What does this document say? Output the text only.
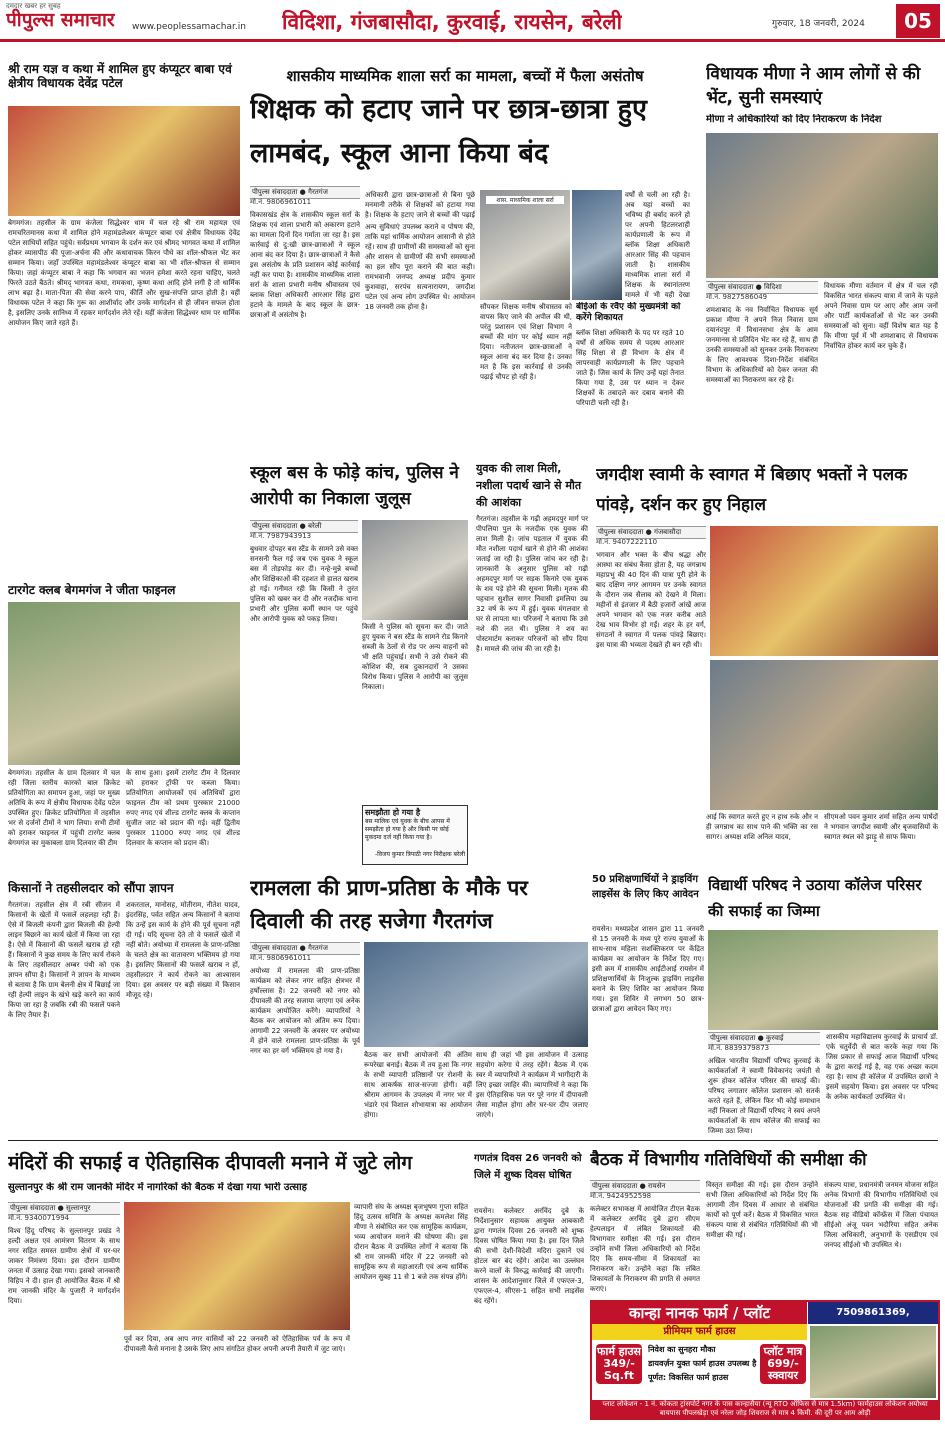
दमदार खबर हर सुबह
पीपुल्स समाचार www.peoplessamachar.in विदिशा, गंजबासौदा, कुरवाई, रायसेन, बरेली	गुरुवार, 18 जनवरी, 2024	05
श्री राम यज्ञ व कथा में शामिल हुए कंप्यूटर बाबा एवं क्षेत्रीय विधायक देवेंद्र पटेल
बेगमगंज। तहसील के ग्राम कंजेला सिद्धेश्वर धाम में चल रहे श्री राम महायज्ञ एवं रामचरितमानस कथा में शामिल होने महामंडलेश्वर कंप्यूटर बाबा एवं क्षेत्रीय विधायक देवेंद्र पटेल साथियों सहित पहुंचे। सर्वप्रथम भगवान के दर्शन कर एवं श्रीमद भागवत कथा में शामिल होकर व्यासपीठ की पूजा-अर्चना की और कथावाचक किरन पौथे का शॉल-श्रीफल भेंट कर सम्मान किया। जहाँ उपस्थित महामंडलेश्वर कंप्यूटर बाबा का भी शॉल-श्रीफल से सम्मान किया। जहां कंप्यूटर बाबा ने कहा कि भगवान का भजन हमेशा करते रहना चाहिए, चलते फिरते उठते बैठते। श्रीमद् भागवत कथा, रामकथा, कृष्ण कथा आदि होने लगी है तो धार्मिक लाभ बढ़ा है। माता-पिता की सेवा करने पाप, कीर्ति और सुख-संपत्ति प्राप्त होती है। वहीं विधायक पटेल ने कहा कि गुरू का आशीर्वाद और उनके मार्गदर्शन से ही जीवन सफल होता है, इसलिए उनके सानिध्य में रहकर मार्गदर्शन लेते रहें। यहीं कंजेला सिद्धेश्वर धाम पर धार्मिक आयोजन किए जाते रहते हैं।
टारगेट क्लब बेगमगंज ने जीता फाइनल
बेगमगंज। तहसील के ग्राम दिलवार में चल रही जिला स्तरीय कारको बाल क्रिकेट प्रतियोगिता का समापन हुआ, जहां पर मुख्य अतिथि के रूप में क्षेत्रीय विधायक देवेंद्र पटेल उपस्थित हुए। क्रिकेट प्रतियोगिता में तहसील भर से दर्जनों टीमों ने भाग लिया। सभी टीमों को हराकर फाइनल में पहुंची टारगेट क्लब बेगमगंज का मुकाबला ग्राम दिलवार की टीम
के साथ हुआ। इसमें टारगेट टीम ने दिलवार को हराकर ट्रॉफी पर कब्जा किया। प्रतियोगिता आयोजकों एवं अतिथियों द्वारा फाइनल टीम को प्रथम पुरस्कार 21000 रुपए नगद एवं शील्ड टारगेट क्लब के कप्तान सुजीत जाट को प्रदान की गई। वहीं द्वितीय पुरस्कार 11000 रुपए नगद एवं शील्ड दिलवार के कप्तान को प्रदान की।
किसानों ने तहसीलदार को सौंपा ज्ञापन
गैरतगंज। तहसील क्षेत्र में रबी सीजन में किसानों के खेतों में फसलें लहलहा रही हैं। ऐसे में बिजली कंपनी द्वारा बिजली की हेल्पी लाइन बिछाने का कार्य खेतों में किया जा रहा है। ऐसे में किसानों की फसलें खराब हो रही हैं। किसानों ने कुछ समय के लिए कार्य रोकने के लिए तहसीलदार अम्बर पंथी को एक ज्ञापन सौंपा है। किसानों ने ज्ञापन के माध्यम से बताया है कि ग्राम बेलनी क्षेत्र में बिछाई जा रही हेल्पी लाइन के खंभे खड़े करने का कार्य किया जा रहा है जबकि रबी की फसलें पकने के लिए तैयार हैं।
शकरताल, मानोसह, मोतीराम, नीतेश यादव, इंदरसिंह, पर्वत सहित अन्य किसानों ने बताया कि उन्हें इस कार्य के होने की पूर्व सूचना नहीं दी गई। यदि सूचना देते तो वे फसलें खेतों में नहीं बोते। अयोध्या में रामलला के प्राण-प्रतिष्ठा के चलते क्षेत्र का वातावरण भक्तिमय हो गया है। इसलिए किसानों की फसलें खराब न हों, तहसीलदार ने कार्य रोकने का आश्वासन दिया। इस अवसर पर बड़ी संख्या में किसान मौजूद रहे।
शासकीय माध्यमिक शाला सर्रा का मामला, बच्चों में फैला असंतोष
शिक्षक को हटाए जाने पर छात्र-छात्रा हुए लामबंद, स्कूल आना किया बंद
पीपुल्स संवाददाता ● गैरतगंज
मो.नं. 9806961011
विकासखंड क्षेत्र के शासकीय स्कूल सर्रा के शिक्षक एवं शाला प्रभारी को अकारण हटाने का मामला दिनों दिन गर्माता जा रहा है। इस कार्रवाई से दु:खी छात्र-छात्राओं ने स्कूल आना बंद कर दिया है। छात्र-छात्राओं ने कैसे इस असंतोष के प्रति प्रशासन कोई कार्रवाई नहीं कर पाया है। शासकीय माध्यमिक शाला सर्रा के शाला प्रभारी मनीष श्रीवास्तव एवं ब्लाक शिक्षा अधिकारी आरआर सिंह द्वारा हटाने के मामले के बाद स्कूल के छात्र-छात्राओं में असंतोष है।
अधिकारी द्वारा छात्र-छात्राओं से बिना पूछे मनमानी तरीके से शिक्षकों को हटाया गया है। शिक्षक के हटाए जाने से बच्चों की पढ़ाई
अन्य सुविधाएं उपलब्ध कराने व पोषण की, ताकि यहां धार्मिक आयोजन आसानी से होते रहें। साथ ही ग्रामीणों की समस्याओं को सुना और शासन से ग्रामीणों की सभी समस्याओं का हल सौंप पूरा कराने की बात कही। रामभवानी जनपद अध्यक्ष प्रदीप कुमार कुशवाहा, सरपंच सत्यनारायण, जगदीश पटेल एवं अन्य लोग उपस्थित थे। आयोजन 18 जनवरी तक होना है।
शास. माध्यमिक शाला सर्रा
सौंपकर शिक्षक मनीष श्रीवास्तव को वापस किए जाने की अपील की थी, परंतु प्रशासन एवं शिक्षा विभाग ने बच्चों की मांग पर कोई ध्यान नहीं दिया। नतीजतन छात्र-छात्राओं ने स्कूल आना बंद कर दिया है। उनका मत है कि इस कार्रवाई से उनकी पढ़ाई चौपट हो रही है।
बीईओ के रवैए की मुख्यमंत्री को करेंगे शिकायत
ब्लॉक शिक्षा अधिकारी के पद पर रहते 10 वर्षों से अधिक समय से पदस्थ आरआर सिंह शिक्षा से ही विभाग के क्षेत्र में लापरवाही कार्यप्रणाली के लिए पहचाने जाते हैं। जिस कार्य के लिए उन्हें यहां तैनात किया गया है, उस पर ध्यान न देकर शिक्षकों के तबादले कर दबाव बनाने की परिपाटी चली रही है।
वर्षों से चली आ रही है। अब यहां बच्चों का भविष्य ही बर्बाद करने हो पर अपनी हिटलरशाही कार्यप्रणाली के रूप में ब्लॉक शिक्षा अधिकारी आरआर सिंह की पहचान जाती है। शासकीय माध्यमिक शाला सर्रा में शिक्षक के स्थानांतरण मामले में भी यही देखा
विधायक मीणा ने आम लोगों से की भेंट, सुनी समस्याएं
मीणा ने अधिकारियों को दिए निराकरण के निर्देश
पीपुल्स संवाददाता ● विदिशा
मो.नं. 9827586049
शमशाबाद के नव निर्वाचित विधायक सूर्य प्रकाश मीणा ने अपने निज निवास ग्राम दयानंदपुर में विधानसभा क्षेत्र के आम जनमानस से प्रतिदिन भेंट कर रहे हैं, साथ ही उनकी समस्याओं को सुनकर उनके निराकरण के लिए आवश्यक दिशा-निर्देश संबंधित विभाग के अधिकारियों को देकर जनता की समस्याओं का निराकरण कर रहे हैं।
विधायक मीणा वर्तमान में क्षेत्र में चल रही विकसित भारत संकल्प यात्रा में जाने के पहले अपने निवास ग्राम पर आए और आम जनों और पार्टी कार्यकर्ताओं से भेंट कर उनकी समस्याओं को सुना। वहीं विशेष बात यह है कि मीणा पूर्व में भी शमशाबाद से विधायक निर्वाचित होकर कार्य कर चुके हैं।
स्कूल बस के फोड़े कांच, पुलिस ने आरोपी का निकाला जुलूस
पीपुल्स संवाददाता ● बरेली
मो.नं. 7987943913
बुधवार दोपहर बस स्टैंड के सामने उसे वक्त सनसनी फैल गई जब एक युवक ने स्कूल बस में तोड़फोड़ कर दी। नन्हे-मुन्ने बच्चों और शिक्षिकाओं की दहशत से हालत खराब हो गई। गनीमत रही कि किसी ने तुरंत पुलिस को खबर कर दी और नजदीक थाना प्रभारी और पुलिस कर्मी स्थान पर पहुंचे और आरोपी युवक को पकड़ लिया।
किसी ने पुलिस को सूचना कर दी। जाते हुए युवक ने बस स्टैंड के सामने रोड किनारे सब्जी के ठेलों से रोड पर अन्य वाहनों को भी क्षति पहुंचाई। सभी ने उसे रोकने की कोशिश की, सब दुकानदारों ने उसका विरोध किया। पुलिस ने आरोपी का जुलूस निकाला।
समझौता हो गया है
बस मालिक एवं युवक के बीच आपस में समझौता हो गया है और किसी पर कोई मुकदमा दर्ज नहीं किया गया है।
-विजय कुमार त्रिपाठी नगर निरीक्षक बरेली
युवक की लाश मिली, नशीला पदार्थ खाने से मौत की आशंका
गैरतगंज। तहसील के गढ़ी अहमदपुर मार्ग पर पीपलिया पुल के नजदीक एक युवक की लाश मिली है। जांच पड़ताल में युवक की मौत नशीला पदार्थ खाने से होने की आशंका जताई जा रही है। पुलिस जांच कर रही है। जानकारी के अनुसार पुलिस को गढ़ी अहमदपुर मार्ग पर सड़क किनारे एक युवक के शव पड़े होने की सूचना मिली। मृतक की पहचान सुशील सागर निवासी इमलिया उम्र 32 वर्ष के रूप में हुई। युवक मंगलवार से घर से लापता था। परिजनों ने बताया कि उसे नशे की लत थी। पुलिस ने शव का पोस्टमार्टम कराकर परिजनों को सौंप दिया है। मामले की जांच की जा रही है।
जगदीश स्वामी के स्वागत में बिछाए भक्तों ने पलक पांवड़े, दर्शन कर हुए निहाल
पीपुल्स संवाददाता ● गंजबासौदा
मो.नं. 9407222110
भगवान और भक्त के बीच श्रद्धा और आस्था का संबंध कैसा होता है, यह जगन्नाथ महाप्रभु की 40 दिन की यात्रा पूरी होने के बाद दक्षिण नगर आगमन पर उनके स्वागत के दौरान जब सैलाब को देखने में मिला। महीनों से इंतजार में बैठी हजारों आंखें आज अपने भगवान को एक नजर करीब आते देख भाव विभोर हो गईं। शहर के हर वर्ग, संगठनों ने स्वागत में पलक पांवड़े बिछाए। इस यात्रा की भव्यता देखते ही बन रही थी।
आई कि स्वागत करते हुए न हाथ रुके और न ही जगन्नाथ का साथ पाने की भक्ति का रस सागर। अध्यक्ष शशि अनिल यादव,
सीएमओ पवन कुमार शर्मा सहित अन्य पार्षदों ने भगवान जगदीश स्वामी और बृजवासियों के स्वागत स्थल को झाड़ू से साफ किया।
रामलला की प्राण-प्रतिष्ठा के मौके पर दिवाली की तरह सजेगा गैरतगंज
पीपुल्स संवाददाता ● गैरतगंज
मो.नं. 9806961011
अयोध्या में रामलला की प्राण-प्रतिष्ठा कार्यक्रम को लेकर नगर सहित क्षेत्रभर में हर्षोल्लास है। 22 जनवरी को नगर को दीपावली की तरह सजाया जाएगा एवं अनेक कार्यक्रम आयोजित करेंगे। व्यापारियों ने बैठक कर आयोजन को अंतिम रूप दिया। आगामी 22 जनवरी के अवसर पर अयोध्या में होने वाले रामलला प्राण-प्रतिष्ठा के पूर्व नगर का हर वर्ग भक्तिमय हो गया है।	बैठक कर सभी आयोजनों की अंतिम रूपरेखा बनाई। बैठक में तय हुआ कि नगर के सभी व्यापारी प्रतिष्ठानों पर रोशनी के साथ आकर्षक साज-सज्जा होगी। वहीं श्रीराम आगमन के उपलक्ष्य में नगर भर में भंडारे एवं विशाल शोभायात्रा का आयोजन होगा।
साथ ही जहां भी इस आयोजन में उत्साह सहयोग करेगा ये तरह रहेंगे। बैठक में एक स्वर में व्यापारियों ने कार्यक्रम में भागीदारी के लिए इच्छा जाहिर की। व्यापारियों ने कहा कि इस ऐतिहासिक पल पर पूरे नगर में दीपावली जैसा माहौल होगा और घर-घर दीप जलाए जाएंगे।
50 प्रशिक्षणार्थियों ने ड्राइविंग लाइसेंस के लिए किए आवेदन
रायसेन। मध्यप्रदेश शासन द्वारा 11 जनवरी से 15 जनवरी के मध्य पूरे राज्य युवाओं के साथ-साथ महिला सशक्तिकरण पर केंद्रित कार्यक्रम का आयोजन के निर्देश दिए गए। इसी क्रम में शासकीय आईटीआई रायसेन में प्रशिक्षणार्थियों के निःशुल्क ड्राइविंग लाइसेंस बनाने के लिए शिविर का आयोजन किया गया। इस शिविर में लगभग 50 छात्र-छात्राओं द्वारा आवेदन किए गए।
विद्यार्थी परिषद ने उठाया कॉलेज परिसर की सफाई का जिम्मा
पीपुल्स संवाददाता ● कुरवाई
मो.नं. 8839379873
अखिल भारतीय विद्यार्थी परिषद कुरवाई के कार्यकर्ताओं ने स्वामी विवेकानंद जयंती से शुरू होकर कॉलेज परिसर की सफाई की। परिषद लगातार कॉलेज प्रशासन को सतर्क करते रहते हैं, लेकिन फिर भी कोई समाधान नहीं निकला तो विद्यार्थी परिषद ने स्वयं अपने कार्यकर्ताओं के साथ कॉलेज की सफाई का जिम्मा उठा लिया।
शासकीय महाविद्यालय कुरवाई के प्राचार्य डॉ. एके चतुर्वेदी से बात करके कहा गया कि जिस प्रकार से सफाई आज विद्यार्थी परिषद के द्वारा कराई गई है, वह एक अच्छा कदम रहा है। साथ ही कॉलेज में उपस्थित छात्रों ने इसमें सहयोग किया। इस अवसर पर परिषद के अनेक कार्यकर्ता उपस्थित थे।
मंदिरों की सफाई व ऐतिहासिक दीपावली मनाने में जुटे लोग
सुल्तानपुर के श्री राम जानकी मंदिर में नागरिकों की बैठक में देखा गया भारी उत्साह
पीपुल्स संवाददाता ● सुल्तानपुर
मो.नं. 9340071994
विश्व हिंदू परिषद के सुल्तानपुर प्रखंड ने हल्दी अक्षत एवं आमंत्रण वितरण के साथ नगर सहित समस्त ग्रामीण क्षेत्रों में घर-घर जाकर निमंत्रण दिया। इस दौरान ग्रामीण जनता में उत्साह देखा गया। इसको जानकारी विहिप ने दी। हाल ही आयोजित बैठक में श्री राम जानकी मंदिर के पुजारी ने मार्गदर्शन दिया।
पूर्व कर दिया, अब आप नगर वासियों को 22 जनवरी को ऐतिहासिक पर्व के रूप में दीपावली कैसे मनाना है उसके लिए आप संगठित होकर अपनी अपनी तैयारी में जुट जाएं।
व्यापारी संघ के अध्यक्ष बृजभूषण गुप्ता सहित हिंदू उत्सव समिति के अध्यक्ष कमलेश सिंह मीणा ने संबोधित कर एक सामूहिक कार्यक्रम, भव्य आयोजन मनाने की घोषणा की। इस दौरान बैठक में उपस्थित लोगों ने बताया कि श्री राम जानकी मंदिर में 22 जनवरी को सामूहिक रूप से महाआरती एवं अन्य धार्मिक आयोजन सुबह 11 से 1 बजे तक संपन्न होंगे।
गणतंत्र दिवस 26 जनवरी को जिले में शुष्क दिवस घोषित
रायसेन। कलेक्टर अरविंद दुबे के निर्देशानुसार सहायक आयुक्त आबकारी द्वारा गणतंत्र दिवस 26 जनवरी को शुष्क दिवस घोषित किया गया है। इस दिन जिले की सभी देशी-विदेशी मदिरा दुकानें एवं होटल बार बंद रहेंगे। आदेश का उल्लंघन करने वालों के विरुद्ध कार्रवाई की जाएगी। शासन के आदेशानुसार जिले में एफएल-3, एफएल-4, सीएस-1 सहित सभी लाइसेंस बंद रहेंगे।
बैठक में विभागीय गतिविधियों की समीक्षा की
पीपुल्स संवाददाता ● रायसेन
मो.नं. 9424952598
कलेक्टर सभाकक्ष में आयोजित टीएल बैठक में कलेक्टर अरविंद दुबे द्वारा सीएम हेल्पलाइन में लंबित शिकायतों की विभागवार समीक्षा की गई। इस दौरान उन्होंने सभी जिला अधिकारियों को निर्देश दिए कि समय-सीमा में शिकायतों का निराकरण करें। उन्होंने कहा कि लंबित शिकायतों के निराकरण की प्रगति से अवगत कराएं।
विस्तृत समीक्षा की गई। इस दौरान उन्होंने सभी जिला अधिकारियों को निर्देश दिए कि आगामी तीन दिवस में आधार से संबंधित कार्यों को पूर्ण करें। बैठक में विकसित भारत संकल्प यात्रा से संबंधित गतिविधियों की भी समीक्षा की गई।
संकल्प यात्रा, प्रधानमंत्री जनमन योजना सहित अनेक विभागों की विभागीय गतिविधियों एवं योजनाओं की प्रगति की समीक्षा की गई। बैठक सह वीडियो कॉन्फ्रेंस में जिला पंचायत सीईओ अंजू पवन भदौरिया सहित अनेक जिला अधिकारी, अनुभागों के एसडीएम एवं जनपद सीईओ भी उपस्थित थे।
कान्हा नानक फार्म / प्लॉट	7509861369,
प्रीमियम फार्म हाउस
फार्म हाउस 349/- Sq.ft
निवेश का सुनहरा मौका
डायवर्ज़न युक्त फार्म हाउस उपलब्ध है
पूर्णत: विकसित फार्म हाउस
प्लॉट मात्र 699/- स्क्वायर
प्लाट लोकेशन - 1 नं. कोकता ट्रांसपोर्ट नगर के पास कान्हासैया (न्यू RTO ऑफिस से मात्र 1.5km) फार्महाउस लोकेशन अयोध्या बायपास पीपलखेड़ा एवं नरेला जोड़ शिवराज से मात्र 4 किमी. की दूरी पर आम ओड़ी
